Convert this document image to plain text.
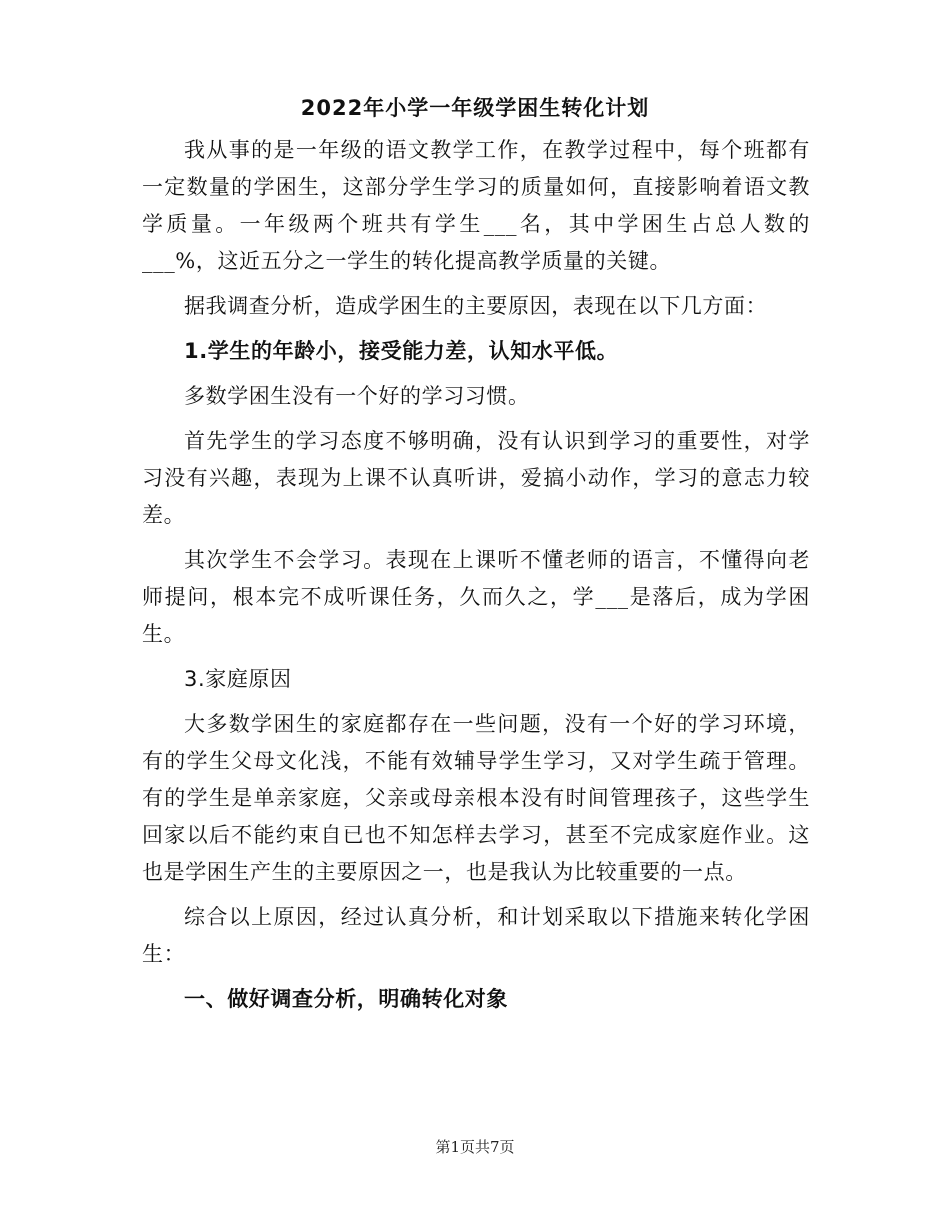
2022年小学一年级学困生转化计划

我从事的是一年级的语文教学工作，在教学过程中，每个班都有一定数量的学困生，这部分学生学习的质量如何，直接影响着语文教学质量。一年级两个班共有学生___名，其中学困生占总人数的___%，这近五分之一学生的转化提高教学质量的关键。

据我调查分析，造成学困生的主要原因，表现在以下几方面：

1.学生的年龄小，接受能力差，认知水平低。

多数学困生没有一个好的学习习惯。

首先学生的学习态度不够明确，没有认识到学习的重要性，对学习没有兴趣，表现为上课不认真听讲，爱搞小动作，学习的意志力较差。

其次学生不会学习。表现在上课听不懂老师的语言，不懂得向老师提问，根本完不成听课任务，久而久之，学___是落后，成为学困生。

3.家庭原因

大多数学困生的家庭都存在一些问题，没有一个好的学习环境，有的学生父母文化浅，不能有效辅导学生学习，又对学生疏于管理。有的学生是单亲家庭，父亲或母亲根本没有时间管理孩子，这些学生回家以后不能约束自已也不知怎样去学习，甚至不完成家庭作业。这也是学困生产生的主要原因之一，也是我认为比较重要的一点。

综合以上原因，经过认真分析，和计划采取以下措施来转化学困生：

一、做好调查分析，明确转化对象

第1页共7页
